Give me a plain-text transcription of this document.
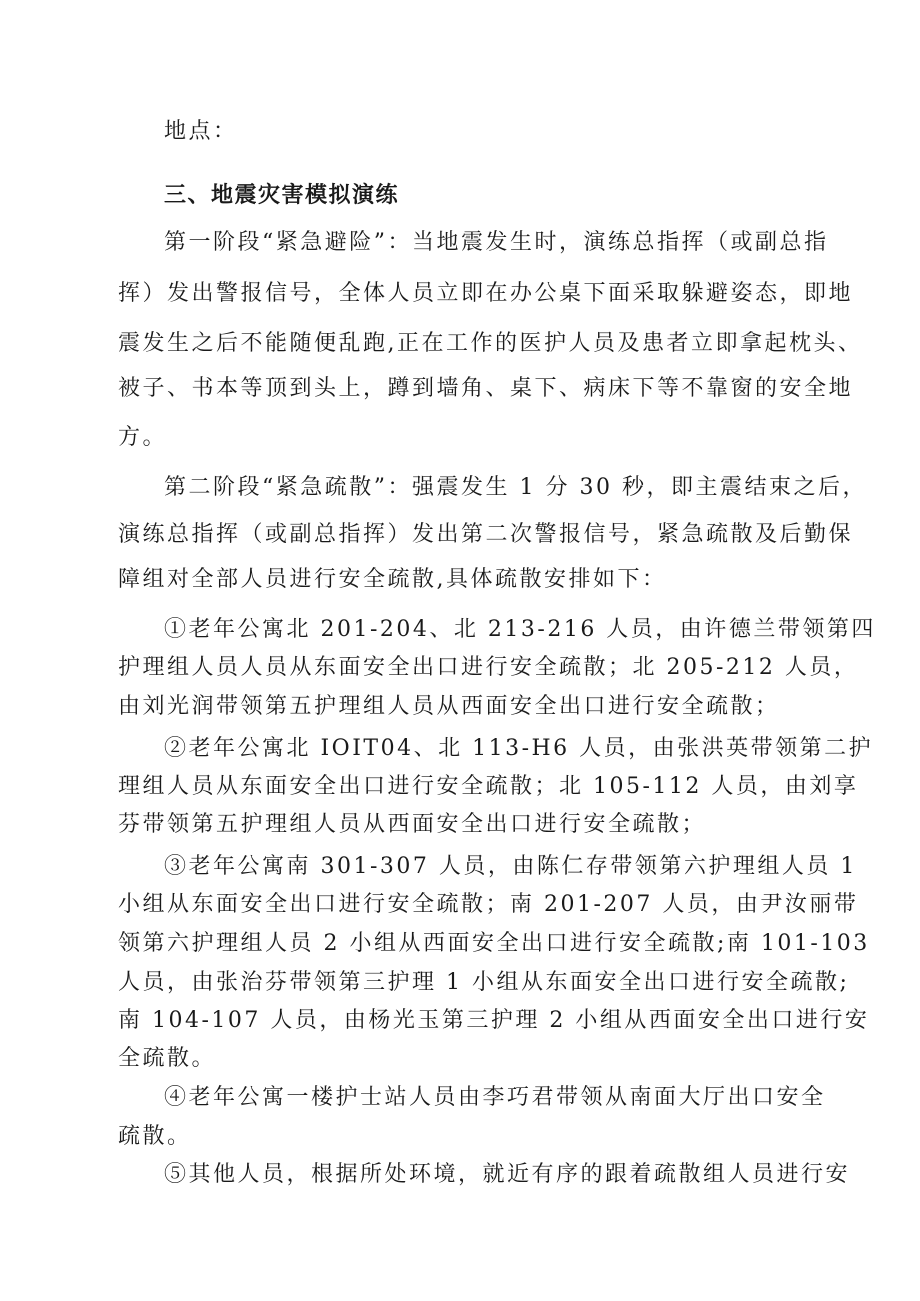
地点：
三、地震灾害模拟演练
第一阶段“紧急避险”：当地震发生时，演练总指挥（或副总指
挥）发出警报信号，全体人员立即在办公桌下面采取躲避姿态，即地
震发生之后不能随便乱跑,正在工作的医护人员及患者立即拿起枕头、
被子、书本等顶到头上，蹲到墙角、桌下、病床下等不靠窗的安全地
方。
第二阶段“紧急疏散”：强震发生 1 分 30 秒，即主震结束之后，
演练总指挥（或副总指挥）发出第二次警报信号，紧急疏散及后勤保
障组对全部人员进行安全疏散,具体疏散安排如下：
①老年公寓北 201-204、北 213-216 人员，由许德兰带领第四
护理组人员人员从东面安全出口进行安全疏散；北 205-212 人员，
由刘光润带领第五护理组人员从西面安全出口进行安全疏散；
②老年公寓北 IOIT04、北 113-H6 人员，由张洪英带领第二护
理组人员从东面安全出口进行安全疏散；北 105-112 人员，由刘享
芬带领第五护理组人员从西面安全出口进行安全疏散；
③老年公寓南 301-307 人员，由陈仁存带领第六护理组人员 1
小组从东面安全出口进行安全疏散；南 201-207 人员，由尹汝丽带
领第六护理组人员 2 小组从西面安全出口进行安全疏散;南 101-103
人员，由张治芬带领第三护理 1 小组从东面安全出口进行安全疏散;
南 104-107 人员，由杨光玉第三护理 2 小组从西面安全出口进行安
全疏散。
④老年公寓一楼护士站人员由李巧君带领从南面大厅出口安全
疏散。
⑤其他人员，根据所处环境，就近有序的跟着疏散组人员进行安
